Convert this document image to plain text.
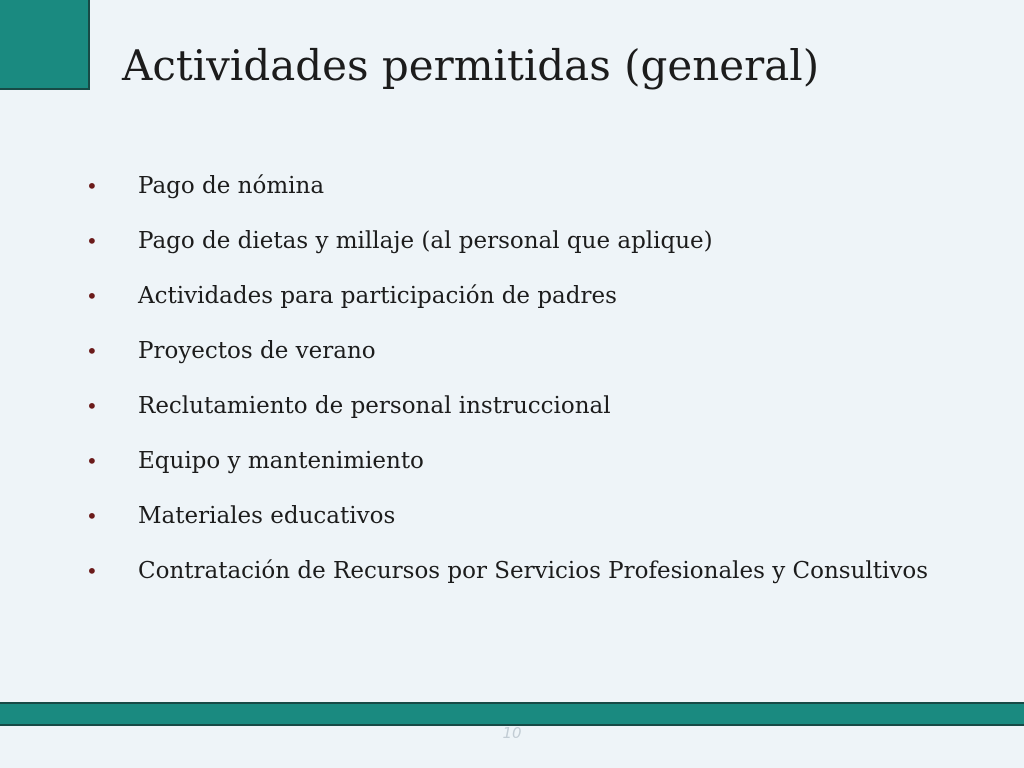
Actividades permitidas (general)
• Pago de nómina
• Pago de dietas y millaje (al personal que aplique)
• Actividades para participación de padres
• Proyectos de verano
• Reclutamiento de personal instruccional
• Equipo y mantenimiento
• Materiales educativos
• Contratación de Recursos por Servicios Profesionales y Consultivos
10
